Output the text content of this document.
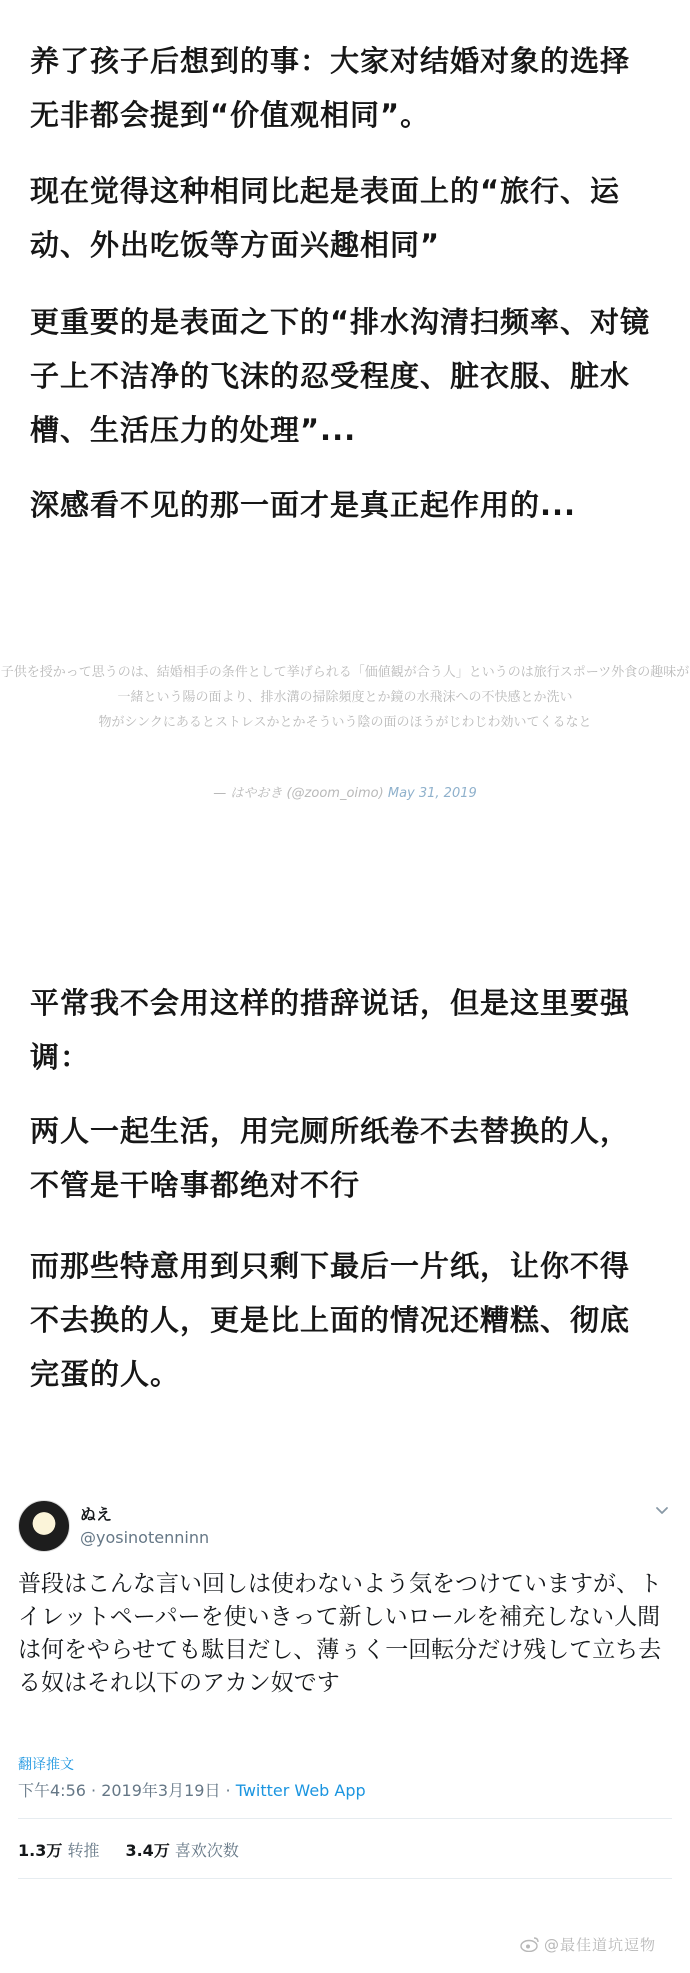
养了孩子后想到的事：大家对结婚对象的选择无非都会提到“价值观相同”。

现在觉得这种相同比起是表面上的“旅行、运动、外出吃饭等方面兴趣相同”

更重要的是表面之下的“排水沟清扫频率、对镜子上不洁净的飞沫的忍受程度、脏衣服、脏水槽、生活压力的处理”...

深感看不见的那一面才是真正起作用的...

子供を授かって思うのは、結婚相手の条件として挙げられる「価値観が合う人」というのは旅行スポーツ外食の趣味が一緒という陽の面より、排水溝の掃除頻度とか鏡の水飛沫への不快感とか洗い

物がシンクにあるとストレスかとかそういう陰の面のほうがじわじわ効いてくるなと

— はやおき (@zoom_oimo) May 31, 2019

平常我不会用这样的措辞说话，但是这里要强调：

两人一起生活，用完厕所纸卷不去替换的人，不管是干啥事都绝对不行

而那些特意用到只剩下最后一片纸，让你不得不去换的人，更是比上面的情况还糟糕、彻底完蛋的人。

ぬえ
@yosinotenninn

普段はこんな言い回しは使わないよう気をつけていますが、トイレットペーパーを使いきって新しいロールを補充しない人間は何をやらせても駄目だし、薄ぅく一回転分だけ残して立ち去る奴はそれ以下のアカン奴です

翻译推文
下午4:56 · 2019年3月19日 · Twitter Web App
1.3万 转推 3.4万 喜欢次数
@最佳道坑逗物
